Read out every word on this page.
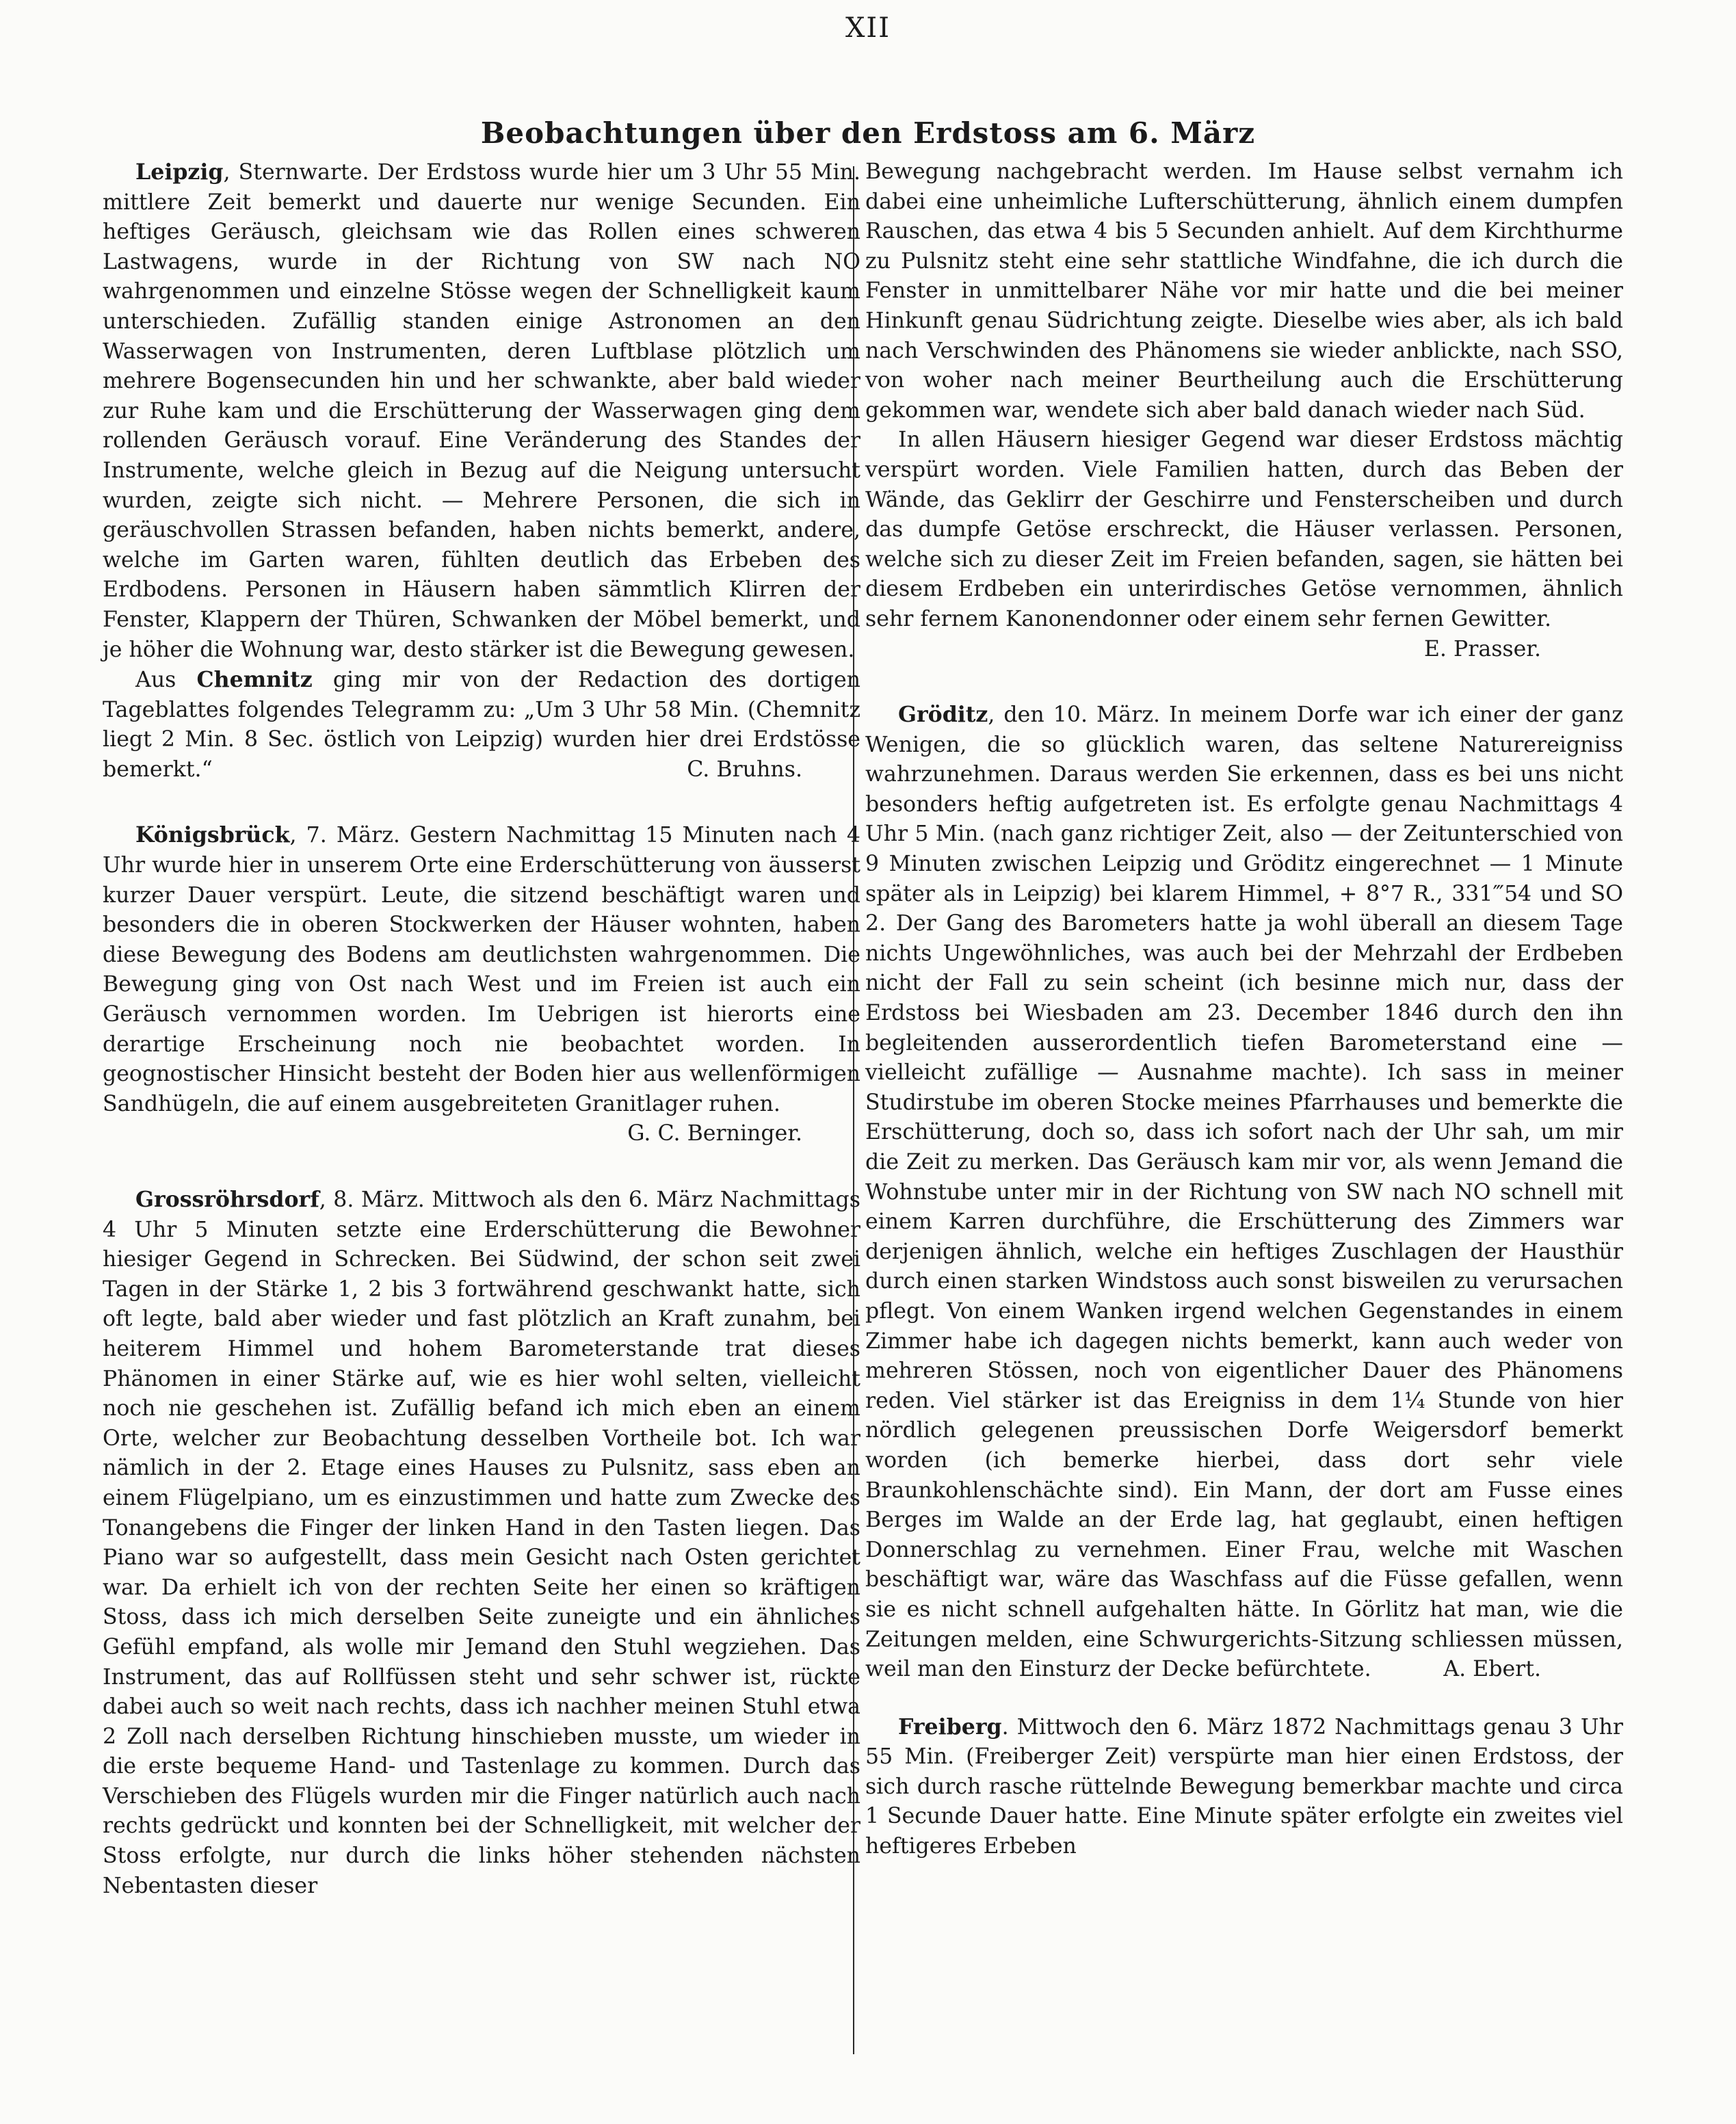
XII
Beobachtungen über den Erdstoss am 6. März

Leipzig, Sternwarte. Der Erdstoss wurde hier um 3 Uhr 55 Min. mittlere Zeit bemerkt und dauerte nur wenige Secunden. Ein heftiges Geräusch, gleichsam wie das Rollen eines schweren Lastwagens, wurde in der Richtung von SW nach NO wahrgenommen und einzelne Stösse wegen der Schnelligkeit kaum unterschieden. Zufällig standen einige Astronomen an den Wasserwagen von Instrumenten, deren Luftblase plötzlich um mehrere Bogensecunden hin und her schwankte, aber bald wieder zur Ruhe kam und die Erschütterung der Wasserwagen ging dem rollenden Geräusch vorauf. Eine Veränderung des Standes der Instrumente, welche gleich in Bezug auf die Neigung untersucht wurden, zeigte sich nicht. — Mehrere Personen, die sich in geräuschvollen Strassen befanden, haben nichts bemerkt, andere, welche im Garten waren, fühlten deutlich das Erbeben des Erdbodens. Personen in Häusern haben sämmtlich Klirren der Fenster, Klappern der Thüren, Schwanken der Möbel bemerkt, und je höher die Wohnung war, desto stärker ist die Bewegung gewesen.

Aus Chemnitz ging mir von der Redaction des dortigen Tageblattes folgendes Telegramm zu: „Um 3 Uhr 58 Min. (Chemnitz liegt 2 Min. 8 Sec. östlich von Leipzig) wurden hier drei Erdstösse bemerkt.“	C. Bruhns.

Königsbrück, 7. März. Gestern Nachmittag 15 Minuten nach 4 Uhr wurde hier in unserem Orte eine Erderschütterung von äusserst kurzer Dauer verspürt. Leute, die sitzend beschäftigt waren und besonders die in oberen Stockwerken der Häuser wohnten, haben diese Bewegung des Bodens am deutlichsten wahrgenommen. Die Bewegung ging von Ost nach West und im Freien ist auch ein Geräusch vernommen worden. Im Uebrigen ist hierorts eine derartige Erscheinung noch nie beobachtet worden. In geognostischer Hinsicht besteht der Boden hier aus wellenförmigen Sandhügeln, die auf einem ausgebreiteten Granitlager ruhen.

G. C. Berninger.

Grossröhrsdorf, 8. März. Mittwoch als den 6. März Nachmittags 4 Uhr 5 Minuten setzte eine Erderschütterung die Bewohner hiesiger Gegend in Schrecken. Bei Südwind, der schon seit zwei Tagen in der Stärke 1, 2 bis 3 fortwährend geschwankt hatte, sich oft legte, bald aber wieder und fast plötzlich an Kraft zunahm, bei heiterem Himmel und hohem Barometerstande trat dieses Phänomen in einer Stärke auf, wie es hier wohl selten, vielleicht noch nie geschehen ist. Zufällig befand ich mich eben an einem Orte, welcher zur Beobachtung desselben Vortheile bot. Ich war nämlich in der 2. Etage eines Hauses zu Pulsnitz, sass eben an einem Flügelpiano, um es einzustimmen und hatte zum Zwecke des Tonangebens die Finger der linken Hand in den Tasten liegen. Das Piano war so aufgestellt, dass mein Gesicht nach Osten gerichtet war. Da erhielt ich von der rechten Seite her einen so kräftigen Stoss, dass ich mich derselben Seite zuneigte und ein ähnliches Gefühl empfand, als wolle mir Jemand den Stuhl wegziehen. Das Instrument, das auf Rollfüssen steht und sehr schwer ist, rückte dabei auch so weit nach rechts, dass ich nachher meinen Stuhl etwa 2 Zoll nach derselben Richtung hinschieben musste, um wieder in die erste bequeme Hand- und Tastenlage zu kommen. Durch das Verschieben des Flügels wurden mir die Finger natürlich auch nach rechts gedrückt und konnten bei der Schnelligkeit, mit welcher der Stoss erfolgte, nur durch die links höher stehenden nächsten Nebentasten dieser

Bewegung nachgebracht werden. Im Hause selbst vernahm ich dabei eine unheimliche Lufterschütterung, ähnlich einem dumpfen Rauschen, das etwa 4 bis 5 Secunden anhielt. Auf dem Kirchthurme zu Pulsnitz steht eine sehr stattliche Windfahne, die ich durch die Fenster in unmittelbarer Nähe vor mir hatte und die bei meiner Hinkunft genau Südrichtung zeigte. Dieselbe wies aber, als ich bald nach Verschwinden des Phänomens sie wieder anblickte, nach SSO, von woher nach meiner Beurtheilung auch die Erschütterung gekommen war, wendete sich aber bald danach wieder nach Süd.

In allen Häusern hiesiger Gegend war dieser Erdstoss mächtig verspürt worden. Viele Familien hatten, durch das Beben der Wände, das Geklirr der Geschirre und Fensterscheiben und durch das dumpfe Getöse erschreckt, die Häuser verlassen. Personen, welche sich zu dieser Zeit im Freien befanden, sagen, sie hätten bei diesem Erdbeben ein unterirdisches Getöse vernommen, ähnlich sehr fernem Kanonendonner oder einem sehr fernen Gewitter.

E. Prasser.

Gröditz, den 10. März. In meinem Dorfe war ich einer der ganz Wenigen, die so glücklich waren, das seltene Naturereigniss wahrzunehmen. Daraus werden Sie erkennen, dass es bei uns nicht besonders heftig aufgetreten ist. Es erfolgte genau Nachmittags 4 Uhr 5 Min. (nach ganz richtiger Zeit, also — der Zeitunterschied von 9 Minuten zwischen Leipzig und Gröditz eingerechnet — 1 Minute später als in Leipzig) bei klarem Himmel, + 8°7 R., 331‴54 und SO 2. Der Gang des Barometers hatte ja wohl überall an diesem Tage nichts Ungewöhnliches, was auch bei der Mehrzahl der Erdbeben nicht der Fall zu sein scheint (ich besinne mich nur, dass der Erdstoss bei Wiesbaden am 23. December 1846 durch den ihn begleitenden ausserordentlich tiefen Barometerstand eine — vielleicht zufällige — Ausnahme machte). Ich sass in meiner Studirstube im oberen Stocke meines Pfarrhauses und bemerkte die Erschütterung, doch so, dass ich sofort nach der Uhr sah, um mir die Zeit zu merken. Das Geräusch kam mir vor, als wenn Jemand die Wohnstube unter mir in der Richtung von SW nach NO schnell mit einem Karren durchführe, die Erschütterung des Zimmers war derjenigen ähnlich, welche ein heftiges Zuschlagen der Hausthür durch einen starken Windstoss auch sonst bisweilen zu verursachen pflegt. Von einem Wanken irgend welchen Gegenstandes in einem Zimmer habe ich dagegen nichts bemerkt, kann auch weder von mehreren Stössen, noch von eigentlicher Dauer des Phänomens reden. Viel stärker ist das Ereigniss in dem 1¼ Stunde von hier nördlich gelegenen preussischen Dorfe Weigersdorf bemerkt worden (ich bemerke hierbei, dass dort sehr viele Braunkohlenschächte sind). Ein Mann, der dort am Fusse eines Berges im Walde an der Erde lag, hat geglaubt, einen heftigen Donnerschlag zu vernehmen. Einer Frau, welche mit Waschen beschäftigt war, wäre das Waschfass auf die Füsse gefallen, wenn sie es nicht schnell aufgehalten hätte. In Görlitz hat man, wie die Zeitungen melden, eine Schwurgerichts-Sitzung schliessen müssen, weil man den Einsturz der Decke befürchtete.	A. Ebert.

Freiberg. Mittwoch den 6. März 1872 Nachmittags genau 3 Uhr 55 Min. (Freiberger Zeit) verspürte man hier einen Erdstoss, der sich durch rasche rüttelnde Bewegung bemerkbar machte und circa 1 Secunde Dauer hatte. Eine Minute später erfolgte ein zweites viel heftigeres Erbeben
